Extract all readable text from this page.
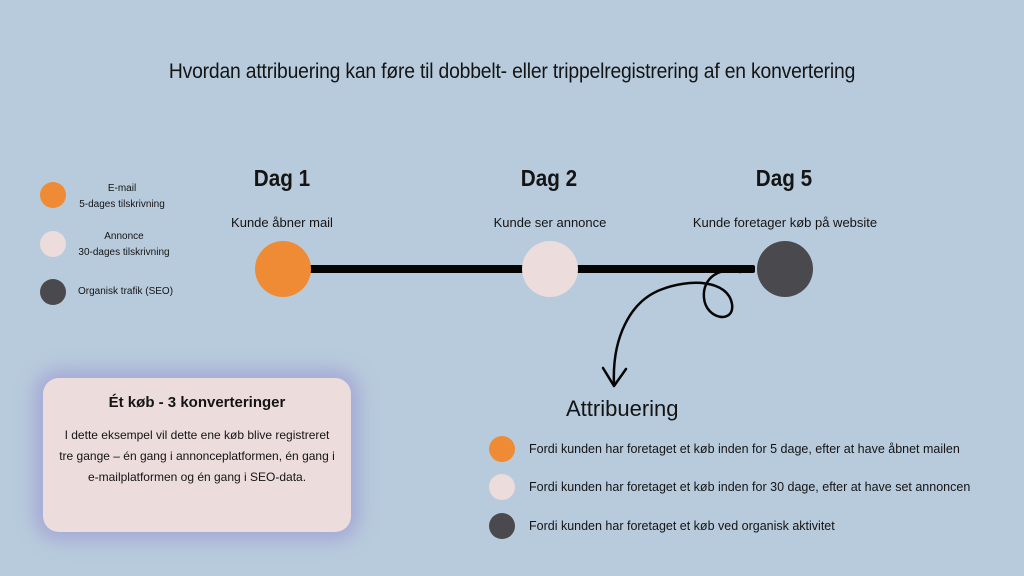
Hvordan attribuering kan føre til dobbelt- eller trippelregistrering af en konvertering
E-mail
5-dages tilskrivning
Annonce
30-dages tilskrivning
Organisk trafik (SEO)
Dag 1	Dag 2	Dag 5
Kunde åbner mail	Kunde ser annonce	Kunde foretager køb på website
Attribuering
Fordi kunden har foretaget et køb inden for 5 dage, efter at have åbnet mailen
Fordi kunden har foretaget et køb inden for 30 dage, efter at have set annoncen
Fordi kunden har foretaget et køb ved organisk aktivitet
Ét køb - 3 konverteringer
I dette eksempel vil dette ene køb blive registreret tre gange – én gang i annonceplatformen, én gang i e-mailplatformen og én gang i SEO-data.
